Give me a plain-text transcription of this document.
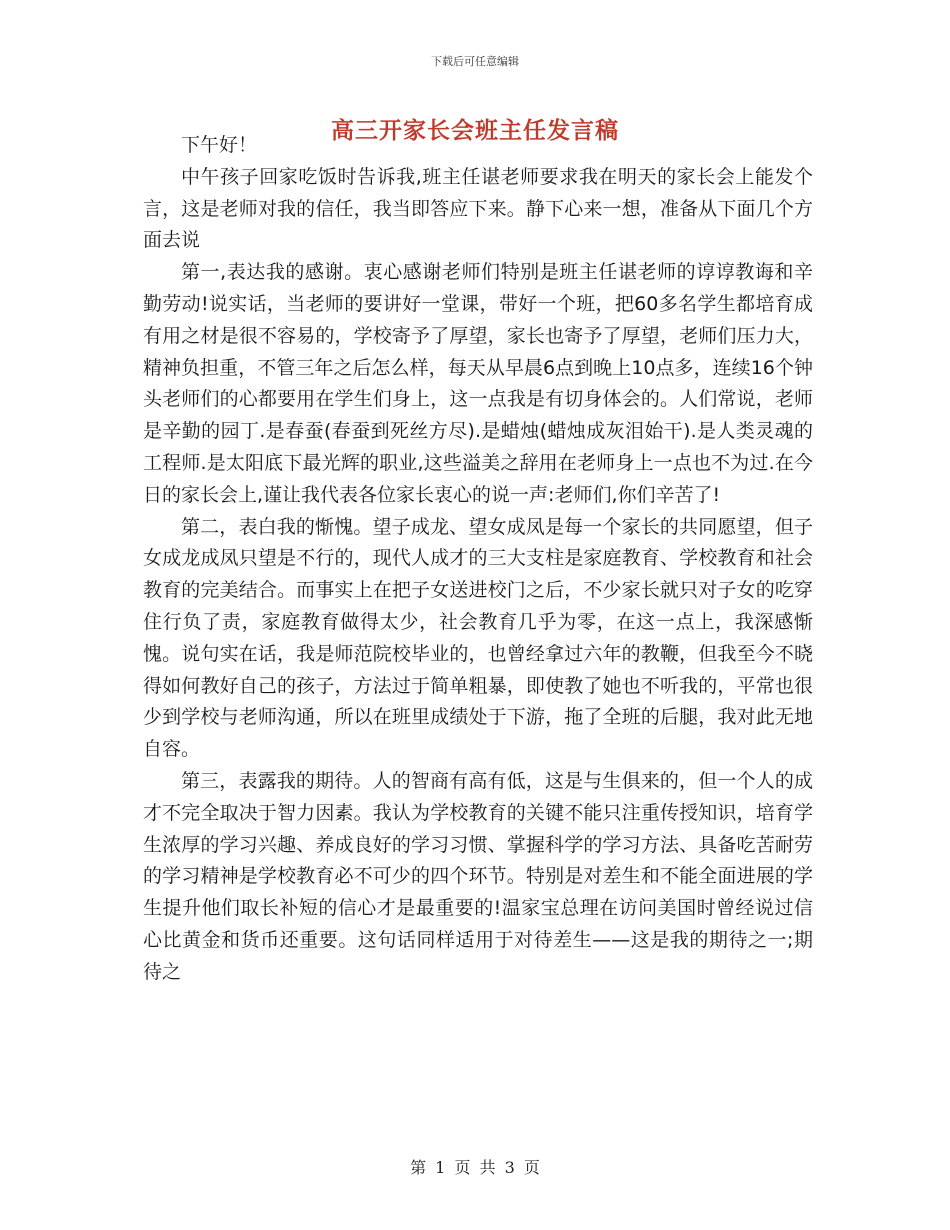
下载后可任意编辑
高三开家长会班主任发言稿

下午好！

中午孩子回家吃饭时告诉我,班主任谌老师要求我在明天的家长会上能发个言，这是老师对我的信任，我当即答应下来。静下心来一想，准备从下面几个方面去说

第一,表达我的感谢。衷心感谢老师们特别是班主任谌老师的谆谆教诲和辛勤劳动!说实话，当老师的要讲好一堂课，带好一个班，把60多名学生都培育成有用之材是很不容易的，学校寄予了厚望，家长也寄予了厚望，老师们压力大，精神负担重，不管三年之后怎么样，每天从早晨6点到晚上10点多，连续16个钟头老师们的心都要用在学生们身上，这一点我是有切身体会的。人们常说，老师是辛勤的园丁.是春蚕(春蚕到死丝方尽).是蜡烛(蜡烛成灰泪始干).是人类灵魂的工程师.是太阳底下最光辉的职业,这些溢美之辞用在老师身上一点也不为过.在今日的家长会上,谨让我代表各位家长衷心的说一声:老师们,你们辛苦了!

第二，表白我的惭愧。望子成龙、望女成凤是每一个家长的共同愿望，但子女成龙成凤只望是不行的，现代人成才的三大支柱是家庭教育、学校教育和社会教育的完美结合。而事实上在把子女送进校门之后，不少家长就只对子女的吃穿住行负了责，家庭教育做得太少，社会教育几乎为零，在这一点上，我深感惭愧。说句实在话，我是师范院校毕业的，也曾经拿过六年的教鞭，但我至今不晓得如何教好自己的孩子，方法过于简单粗暴，即使教了她也不听我的，平常也很少到学校与老师沟通，所以在班里成绩处于下游，拖了全班的后腿，我对此无地自容。

第三，表露我的期待。人的智商有高有低，这是与生俱来的，但一个人的成才不完全取决于智力因素。我认为学校教育的关键不能只注重传授知识，培育学生浓厚的学习兴趣、养成良好的学习习惯、掌握科学的学习方法、具备吃苦耐劳的学习精神是学校教育必不可少的四个环节。特别是对差生和不能全面进展的学生提升他们取长补短的信心才是最重要的!温家宝总理在访问美国时曾经说过信心比黄金和货币还重要。这句话同样适用于对待差生——这是我的期待之一;期待之

第 1 页 共 3 页
